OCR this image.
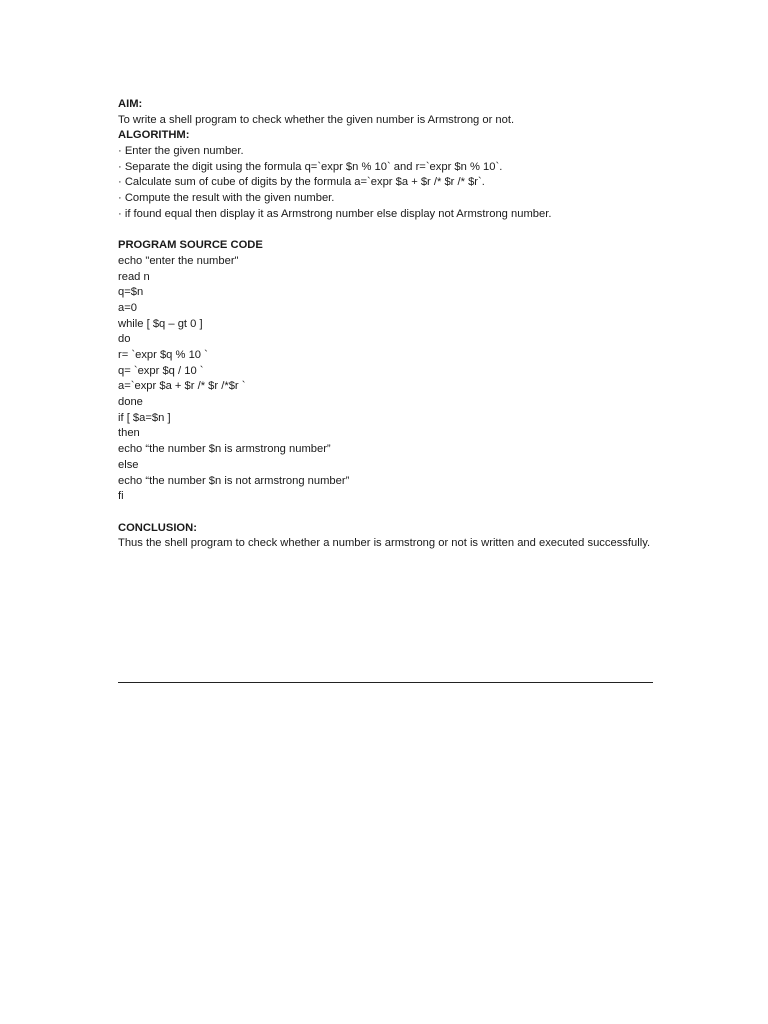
AIM:
To write a shell program to check whether the given number is Armstrong or not.
ALGORITHM:
· Enter the given number.
· Separate the digit using the formula q=`expr $n % 10` and r=`expr $n % 10`.
· Calculate sum of cube of digits by the formula a=`expr $a + $r /* $r /* $r`.
· Compute the result with the given number.
· if found equal then display it as Armstrong number else display not Armstrong number.
PROGRAM SOURCE CODE
echo "enter the number"
read n
q=$n
a=0
while [ $q – gt 0 ]
do
r= `expr $q % 10 `
q= `expr $q / 10 `
a=`expr $a + $r /* $r /*$r `
done
if [ $a=$n ]
then
echo “the number $n is armstrong number”
else
echo “the number $n is not armstrong number”
fi
CONCLUSION:
Thus the shell program to check whether a number is armstrong or not is written and executed successfully.
